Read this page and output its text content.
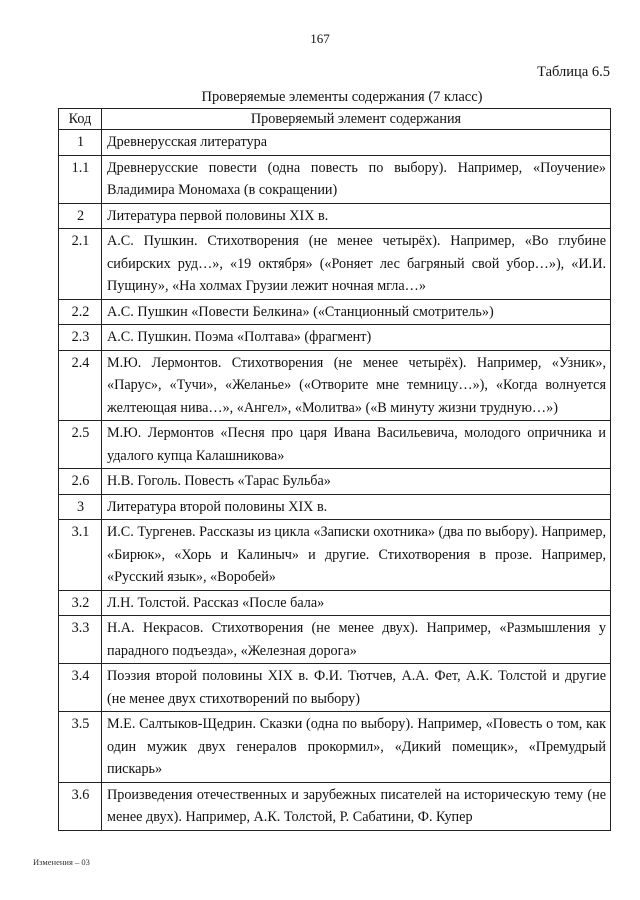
167
Таблица 6.5
Проверяемые элементы содержания (7 класс)
Код	Проверяемый элемент содержания
1	Древнерусская литература
1.1	Древнерусские повести (одна повесть по выбору). Например, «Поучение» Владимира Мономаха (в сокращении)
2	Литература первой половины XIX в.
2.1	А.С. Пушкин. Стихотворения (не менее четырёх). Например, «Во глубине сибирских руд…», «19 октября» («Роняет лес багряный свой убор…»), «И.И. Пущину», «На холмах Грузии лежит ночная мгла…»
2.2	А.С. Пушкин «Повести Белкина» («Станционный смотритель»)
2.3	А.С. Пушкин. Поэма «Полтава» (фрагмент)
2.4	М.Ю. Лермонтов. Стихотворения (не менее четырёх). Например, «Узник», «Парус», «Тучи», «Желанье» («Отворите мне темницу…»), «Когда волнуется желтеющая нива…», «Ангел», «Молитва» («В минуту жизни трудную…»)
2.5	М.Ю. Лермонтов «Песня про царя Ивана Васильевича, молодого опричника и удалого купца Калашникова»
2.6	Н.В. Гоголь. Повесть «Тарас Бульба»
3	Литература второй половины XIX в.
3.1	И.С. Тургенев. Рассказы из цикла «Записки охотника» (два по выбору). Например, «Бирюк», «Хорь и Калиныч» и другие. Стихотворения в прозе. Например, «Русский язык», «Воробей»
3.2	Л.Н. Толстой. Рассказ «После бала»
3.3	Н.А. Некрасов. Стихотворения (не менее двух). Например, «Размышления у парадного подъезда», «Железная дорога»
3.4	Поэзия второй половины XIX в. Ф.И. Тютчев, А.А. Фет, А.К. Толстой и другие (не менее двух стихотворений по выбору)
3.5	М.Е. Салтыков-Щедрин. Сказки (одна по выбору). Например, «Повесть о том, как один мужик двух генералов прокормил», «Дикий помещик», «Премудрый пискарь»
3.6	Произведения отечественных и зарубежных писателей на историческую тему (не менее двух). Например, А.К. Толстой, Р. Сабатини, Ф. Купер
Изменения – 03
